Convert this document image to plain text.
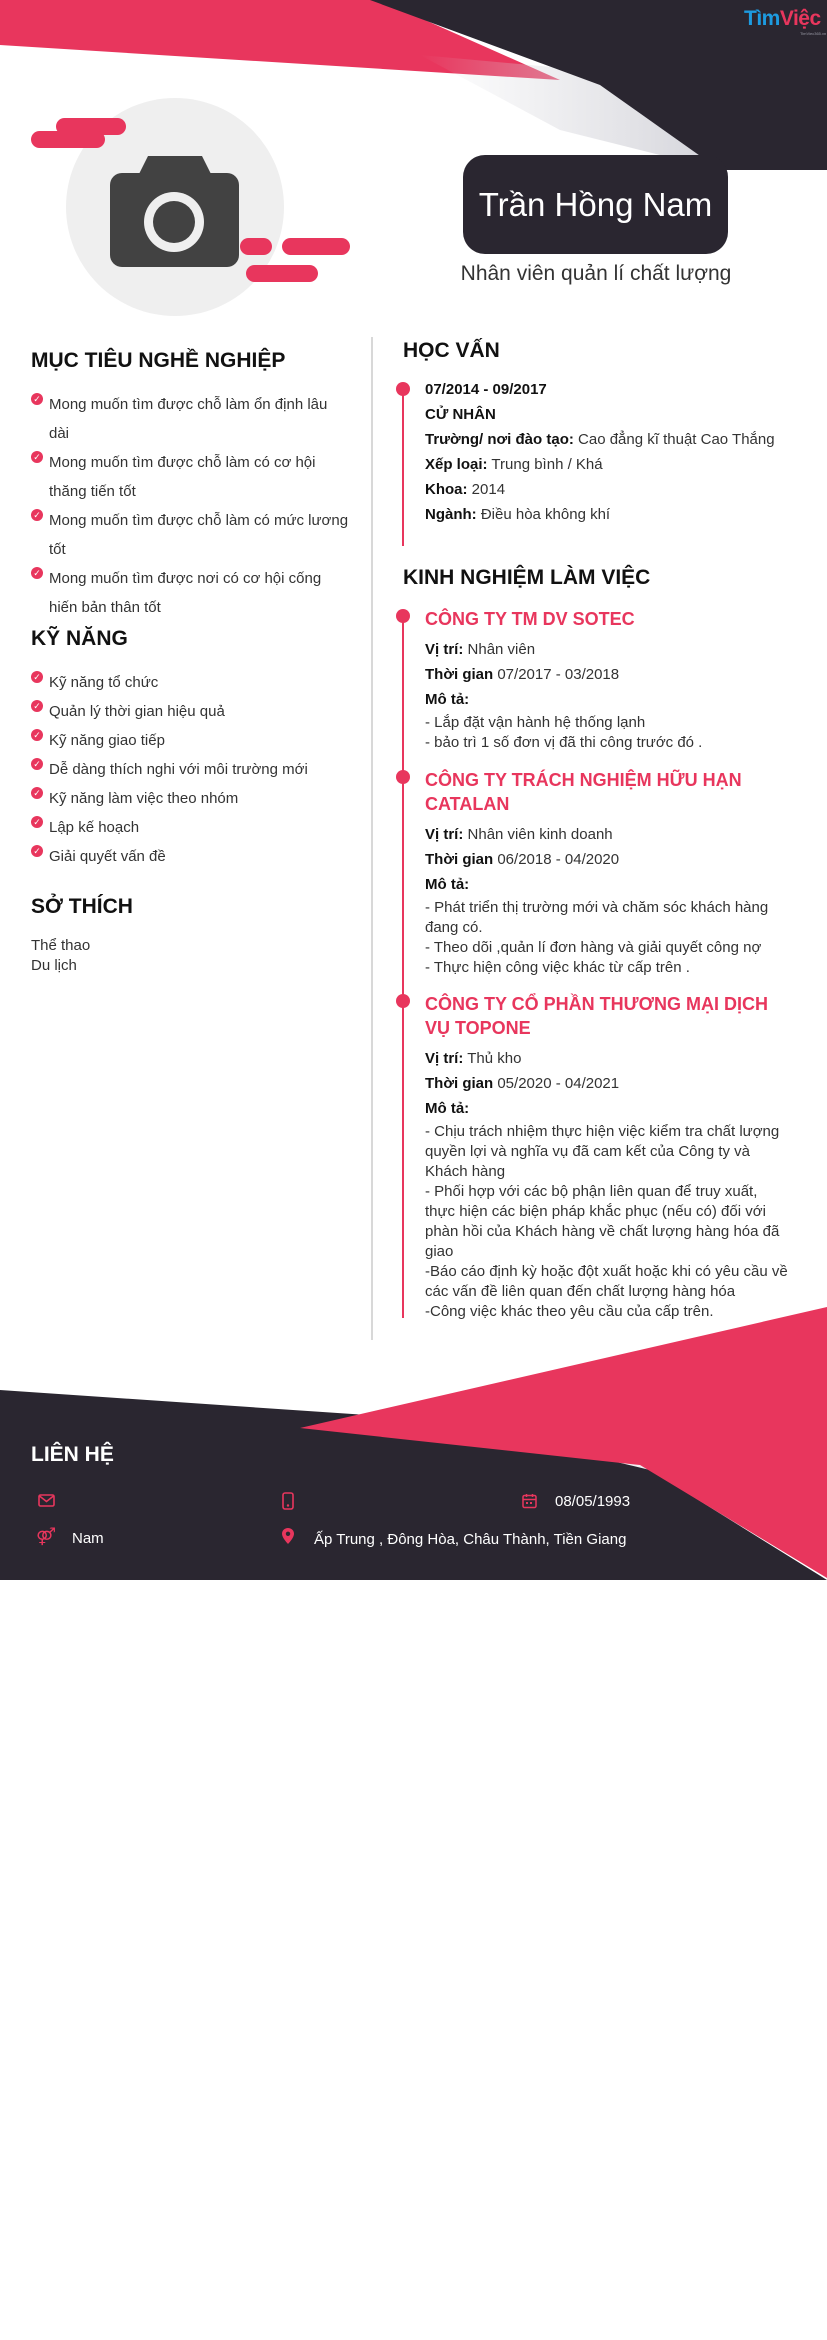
TìmViệc
TimViec365.vn
Trần Hồng Nam
Nhân viên quản lí chất lượng
MỤC TIÊU NGHỀ NGHIỆP
✓ Mong muốn tìm được chỗ làm ổn định lâu dài
✓ Mong muốn tìm được chỗ làm có cơ hội thăng tiến tốt
✓ Mong muốn tìm được chỗ làm có mức lương tốt
✓ Mong muốn tìm được nơi có cơ hội cống hiến bản thân tốt
KỸ NĂNG
✓ Kỹ năng tổ chức
✓ Quản lý thời gian hiệu quả
✓ Kỹ năng giao tiếp
✓ Dễ dàng thích nghi với môi trường mới
✓ Kỹ năng làm việc theo nhóm
✓ Lập kế hoạch
✓ Giải quyết vấn đề
SỞ THÍCH
Thể thao
Du lịch
HỌC VẤN
07/2014 - 09/2017
CỬ NHÂN
Trường/ nơi đào tạo: Cao đẳng kĩ thuật Cao Thắng
Xếp loại: Trung bình / Khá
Khoa: 2014
Ngành: Điều hòa không khí
KINH NGHIỆM LÀM VIỆC
CÔNG TY TM DV SOTEC
Vị trí: Nhân viên
Thời gian 07/2017 - 03/2018
Mô tả:
- Lắp đặt vận hành hệ thống lạnh
- bảo trì 1 số đơn vị đã thi công trước đó .
CÔNG TY TRÁCH NGHIỆM HỮU HẠN CATALAN
Vị trí: Nhân viên kinh doanh
Thời gian 06/2018 - 04/2020
Mô tả:
- Phát triển thị trường mới và chăm sóc khách hàng đang có.
- Theo dõi ,quản lí đơn hàng và giải quyết công nợ
- Thực hiện công việc khác từ cấp trên .
CÔNG TY CỔ PHẦN THƯƠNG MẠI DỊCH VỤ TOPONE
Vị trí: Thủ kho
Thời gian 05/2020 - 04/2021
Mô tả:
- Chịu trách nhiệm thực hiện việc kiểm tra chất lượng quyền lợi và nghĩa vụ đã cam kết của Công ty và Khách hàng
- Phối hợp với các bộ phận liên quan để truy xuất, thực hiện các biện pháp khắc phục (nếu có) đối với phàn hồi của Khách hàng về chất lượng hàng hóa đã giao
-Báo cáo định kỳ hoặc đột xuất hoặc khi có yêu cầu về các vấn đề liên quan đến chất lượng hàng hóa
-Công việc khác theo yêu cầu của cấp trên.
LIÊN HỆ
08/05/1993
⚤ Nam	Ấp Trung , Đông Hòa, Châu Thành, Tiền Giang
